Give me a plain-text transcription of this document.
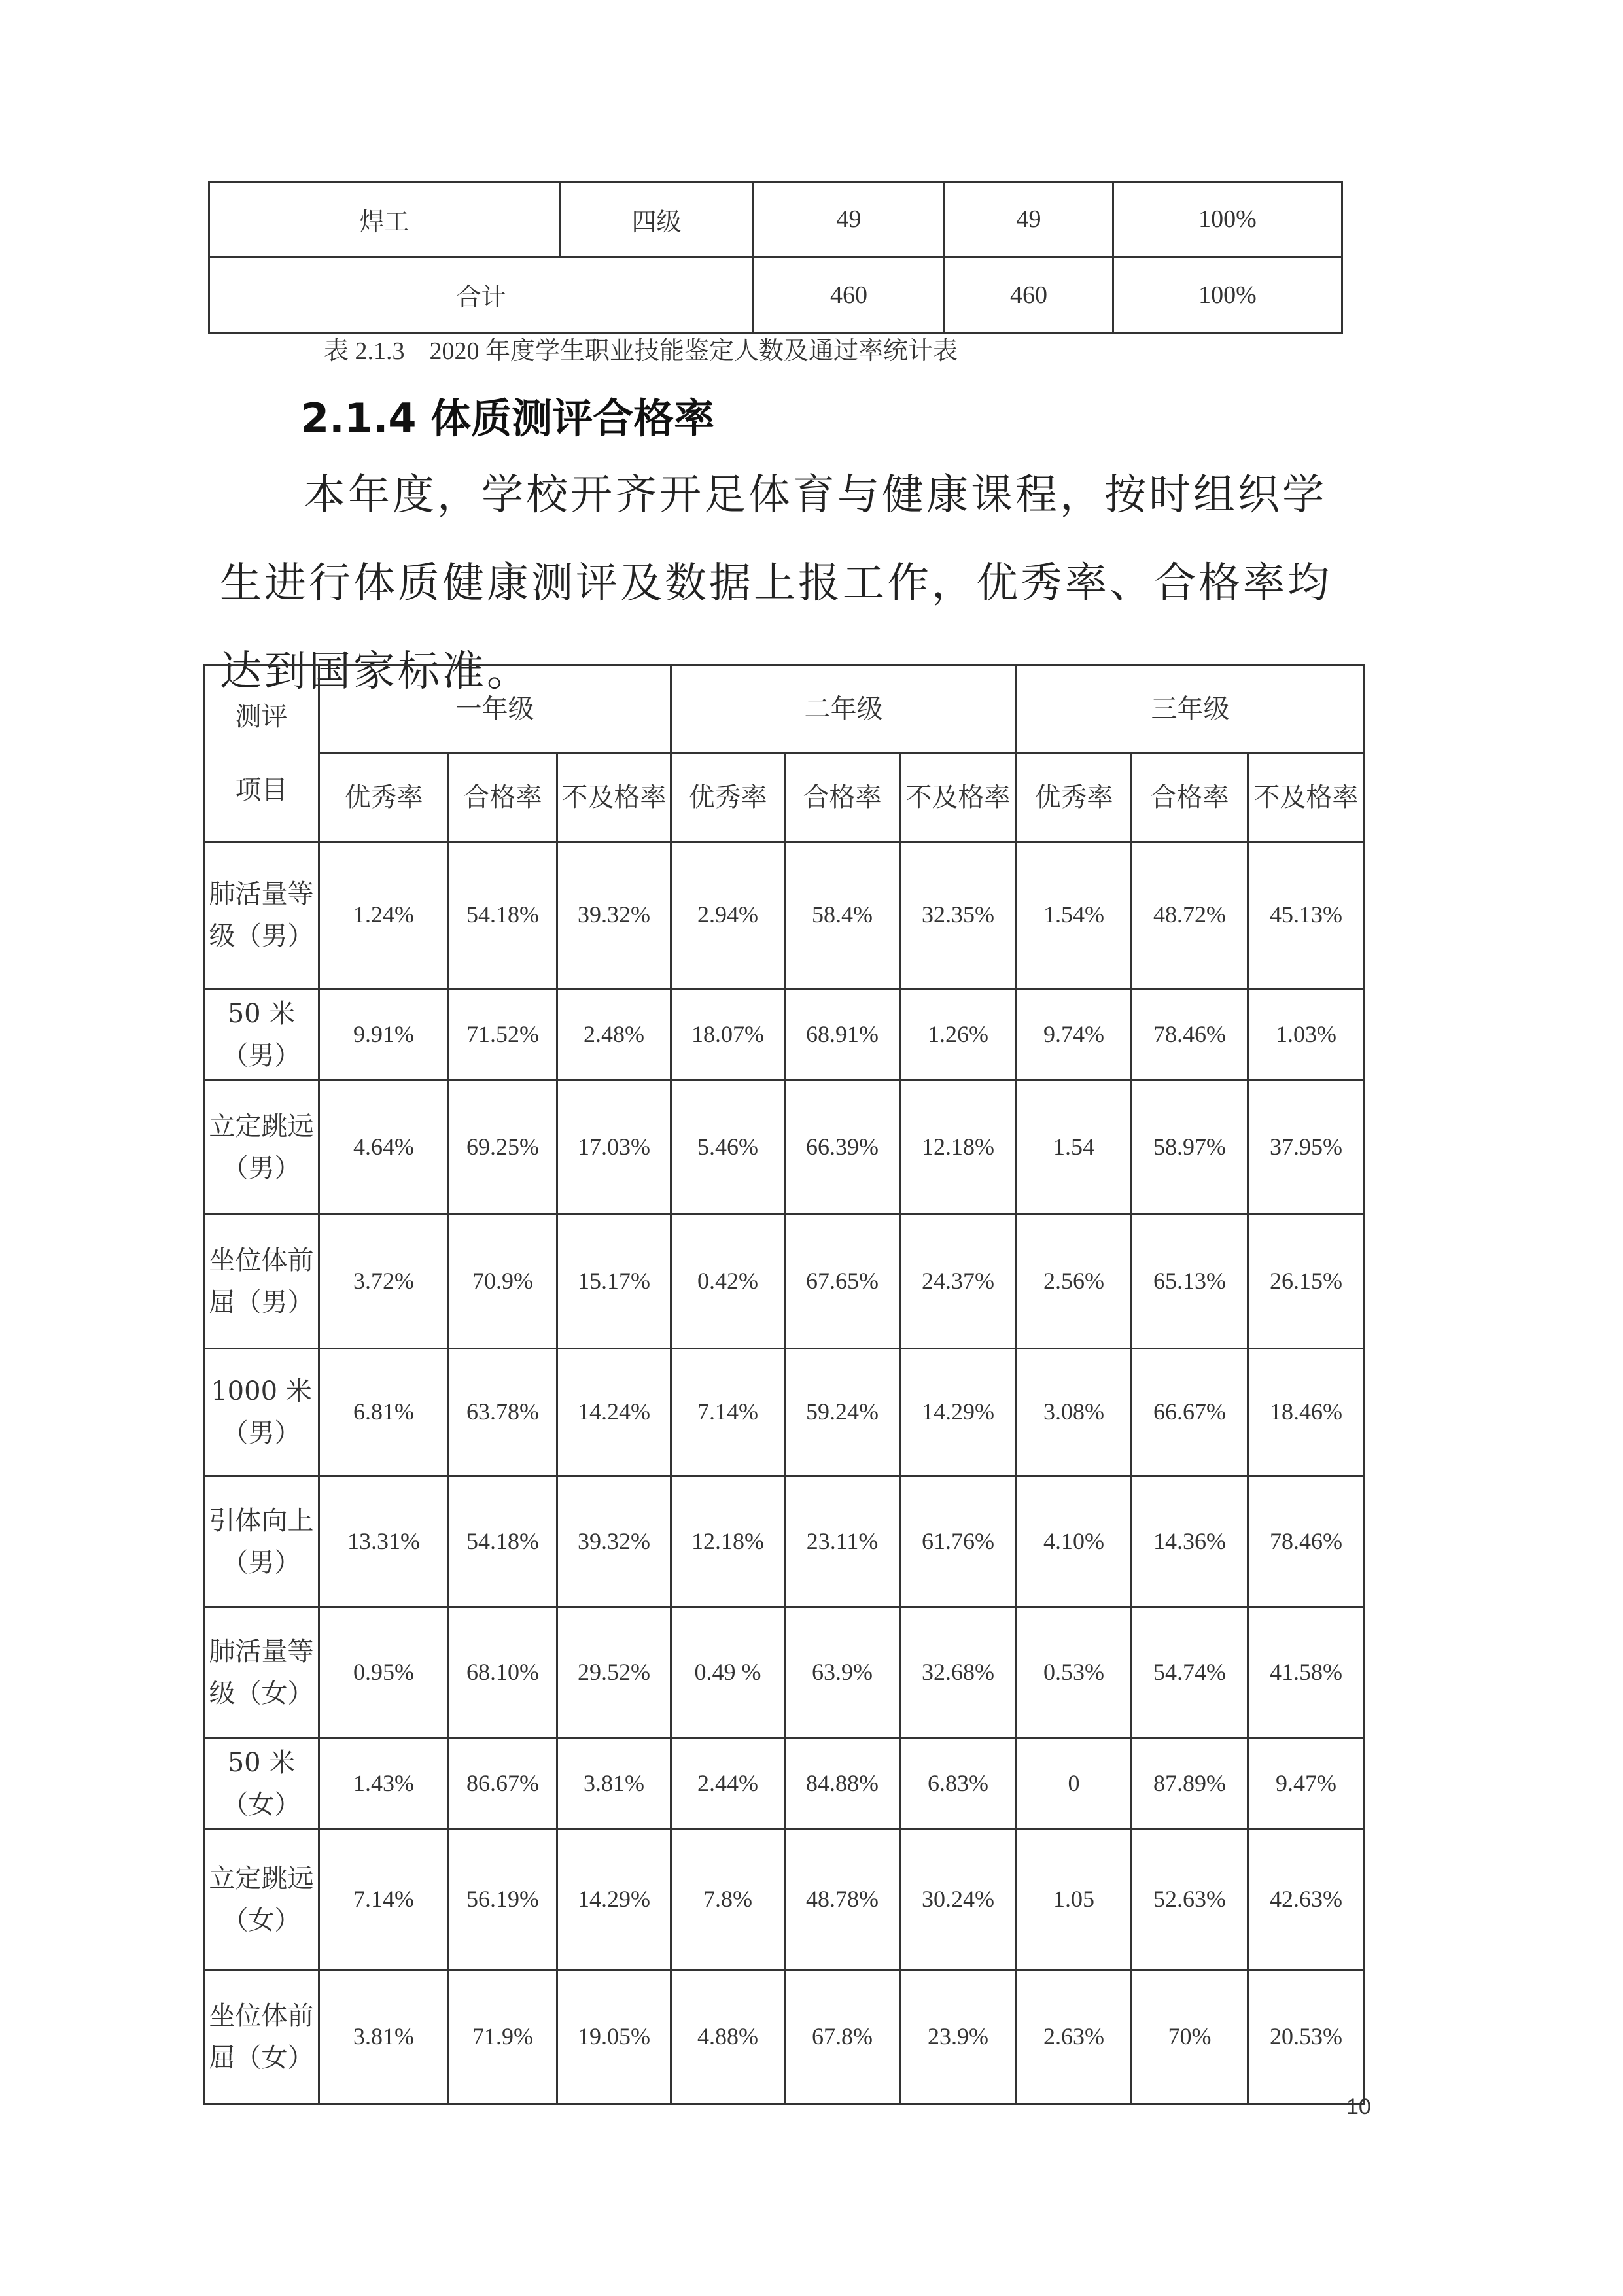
焊工	四级	49	49	100%
合计		460	460	100%
表 2.1.3　2020 年度学生职业技能鉴定人数及通过率统计表
2.1.4 体质测评合格率

本年度，学校开齐开足体育与健康课程，按时组织学生进行体质健康测评及数据上报工作，优秀率、合格率均达到国家标准。

测评
项目	一年级			二年级			三年级		
	优秀率	合格率	不及格率	优秀率	合格率	不及格率	优秀率	合格率	不及格率
肺活量等级（男）	1.24%	54.18%	39.32%	2.94%	58.4%	32.35%	1.54%	48.72%	45.13%
50 米（男）	9.91%	71.52%	2.48%	18.07%	68.91%	1.26%	9.74%	78.46%	1.03%
立定跳远（男）	4.64%	69.25%	17.03%	5.46%	66.39%	12.18%	1.54	58.97%	37.95%
坐位体前屈（男）	3.72%	70.9%	15.17%	0.42%	67.65%	24.37%	2.56%	65.13%	26.15%
1000 米（男）	6.81%	63.78%	14.24%	7.14%	59.24%	14.29%	3.08%	66.67%	18.46%
引体向上（男）	13.31%	54.18%	39.32%	12.18%	23.11%	61.76%	4.10%	14.36%	78.46%
肺活量等级（女）	0.95%	68.10%	29.52%	0.49 %	63.9%	32.68%	0.53%	54.74%	41.58%
50 米（女）	1.43%	86.67%	3.81%	2.44%	84.88%	6.83%	0	87.89%	9.47%
立定跳远（女）	7.14%	56.19%	14.29%	7.8%	48.78%	30.24%	1.05	52.63%	42.63%
坐位体前屈（女）	3.81%	71.9%	19.05%	4.88%	67.8%	23.9%	2.63%	70%	20.53%
10
